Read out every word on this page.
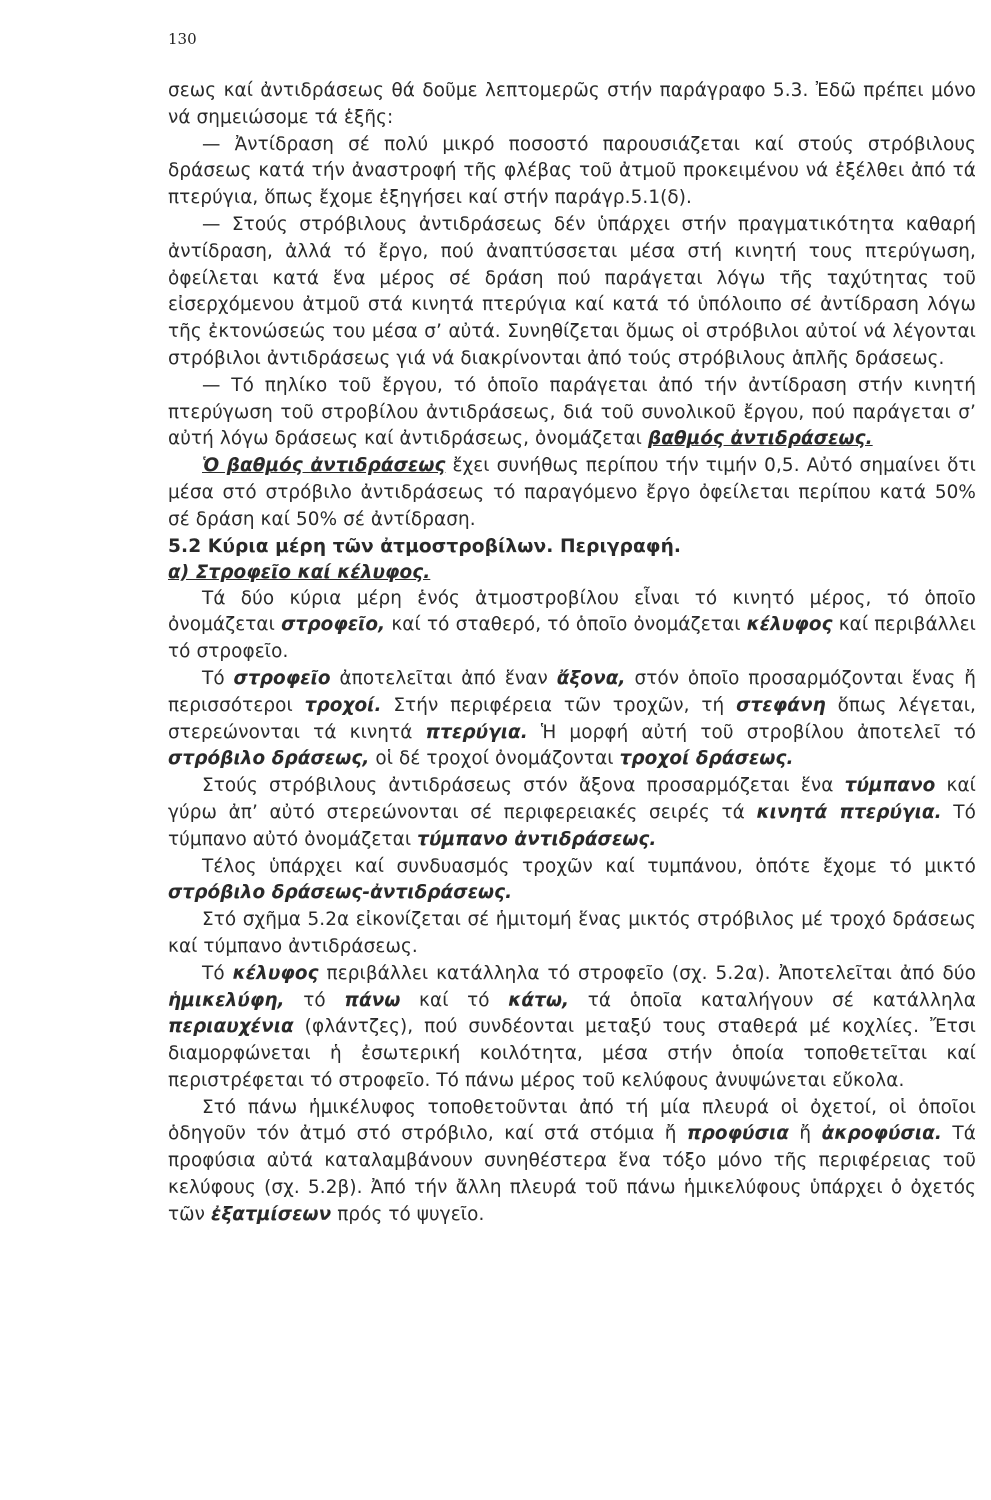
130

σεως καί ἀντιδράσεως θά δοῦμε λεπτομερῶς στήν παράγραφο 5.3. Ἐδῶ πρέπει μόνο νά σημειώσομε τά ἑξῆς:

— Ἀντίδραση σέ πολύ μικρό ποσοστό παρουσιάζεται καί στούς στρόβιλους δράσεως κατά τήν ἀναστροφή τῆς φλέβας τοῦ ἀτμοῦ προκειμένου νά ἐξέλθει ἀπό τά πτερύγια, ὅπως ἔχομε ἐξηγήσει καί στήν παράγρ.5.1(δ).

— Στούς στρόβιλους ἀντιδράσεως δέν ὑπάρχει στήν πραγματικότητα καθαρή ἀντίδραση, ἀλλά τό ἔργο, πού ἀναπτύσσεται μέσα στή κινητή τους πτερύγωση, ὀφείλεται κατά ἕνα μέρος σέ δράση πού παράγεται λόγω τῆς ταχύτητας τοῦ εἰσερχόμενου ἀτμοῦ στά κινητά πτερύγια καί κατά τό ὑπόλοιπο σέ ἀντίδραση λόγω τῆς ἐκτονώσεώς του μέσα σ’ αὐτά. Συνηθίζεται ὅμως οἱ στρόβιλοι αὐτοί νά λέγονται στρόβιλοι ἀντιδράσεως γιά νά διακρίνονται ἀπό τούς στρόβιλους ἁπλῆς δράσεως.

— Τό πηλίκο τοῦ ἔργου, τό ὁποῖο παράγεται ἀπό τήν ἀντίδραση στήν κινητή πτερύγωση τοῦ στροβίλου ἀντιδράσεως, διά τοῦ συνολικοῦ ἔργου, πού παράγεται σ’ αὐτή λόγω δράσεως καί ἀντιδράσεως, ὀνομάζεται βαθμός ἀντιδράσεως.

Ὁ βαθμός ἀντιδράσεως ἔχει συνήθως περίπου τήν τιμήν 0,5. Αὐτό σημαίνει ὅτι μέσα στό στρόβιλο ἀντιδράσεως τό παραγόμενο ἔργο ὀφείλεται περίπου κατά 50% σέ δράση καί 50% σέ ἀντίδραση.

5.2 Κύρια μέρη τῶν ἀτμοστροβίλων. Περιγραφή.

α) Στροφεῖο καί κέλυφος.

Τά δύο κύρια μέρη ἑνός ἀτμοστροβίλου εἶναι τό κινητό μέρος, τό ὁποῖο ὀνομάζεται στροφεῖο, καί τό σταθερό, τό ὁποῖο ὀνομάζεται κέλυφος καί περιβάλλει τό στροφεῖο.

Τό στροφεῖο ἀποτελεῖται ἀπό ἕναν ἄξονα, στόν ὁποῖο προσαρμόζονται ἕνας ἤ περισσότεροι τροχοί. Στήν περιφέρεια τῶν τροχῶν, τή στεφάνη ὅπως λέγεται, στερεώνονται τά κινητά πτερύγια. Ἡ μορφή αὐτή τοῦ στροβίλου ἀποτελεῖ τό στρόβιλο δράσεως, οἱ δέ τροχοί ὀνομάζονται τροχοί δράσεως.

Στούς στρόβιλους ἀντιδράσεως στόν ἄξονα προσαρμόζεται ἕνα τύμπανο καί γύρω ἀπ’ αὐτό στερεώνονται σέ περιφερειακές σειρές τά κινητά πτερύγια. Τό τύμπανο αὐτό ὀνομάζεται τύμπανο ἀντιδράσεως.

Τέλος ὑπάρχει καί συνδυασμός τροχῶν καί τυμπάνου, ὁπότε ἔχομε τό μικτό στρόβιλο δράσεως-ἀντιδράσεως.

Στό σχῆμα 5.2α εἰκονίζεται σέ ἡμιτομή ἕνας μικτός στρόβιλος μέ τροχό δράσεως καί τύμπανο ἀντιδράσεως.

Τό κέλυφος περιβάλλει κατάλληλα τό στροφεῖο (σχ. 5.2α). Ἀποτελεῖται ἀπό δύο ἡμικελύφη, τό πάνω καί τό κάτω, τά ὁποῖα καταλήγουν σέ κατάλληλα περιαυχένια (φλάντζες), πού συνδέονται μεταξύ τους σταθερά μέ κοχλίες. Ἔτσι διαμορφώνεται ἡ ἐσωτερική κοιλότητα, μέσα στήν ὁποία τοποθετεῖται καί περιστρέφεται τό στροφεῖο. Τό πάνω μέρος τοῦ κελύφους ἀνυψώνεται εὔκολα.

Στό πάνω ἡμικέλυφος τοποθετοῦνται ἀπό τή μία πλευρά οἱ ὀχετοί, οἱ ὁποῖοι ὁδηγοῦν τόν ἀτμό στό στρόβιλο, καί στά στόμια ἤ προφύσια ἤ ἀκροφύσια. Τά προφύσια αὐτά καταλαμβάνουν συνηθέστερα ἕνα τόξο μόνο τῆς περιφέρειας τοῦ κελύφους (σχ. 5.2β). Ἀπό τήν ἄλλη πλευρά τοῦ πάνω ἡμικελύφους ὑπάρχει ὁ ὀχετός τῶν ἐξατμίσεων πρός τό ψυγεῖο.
